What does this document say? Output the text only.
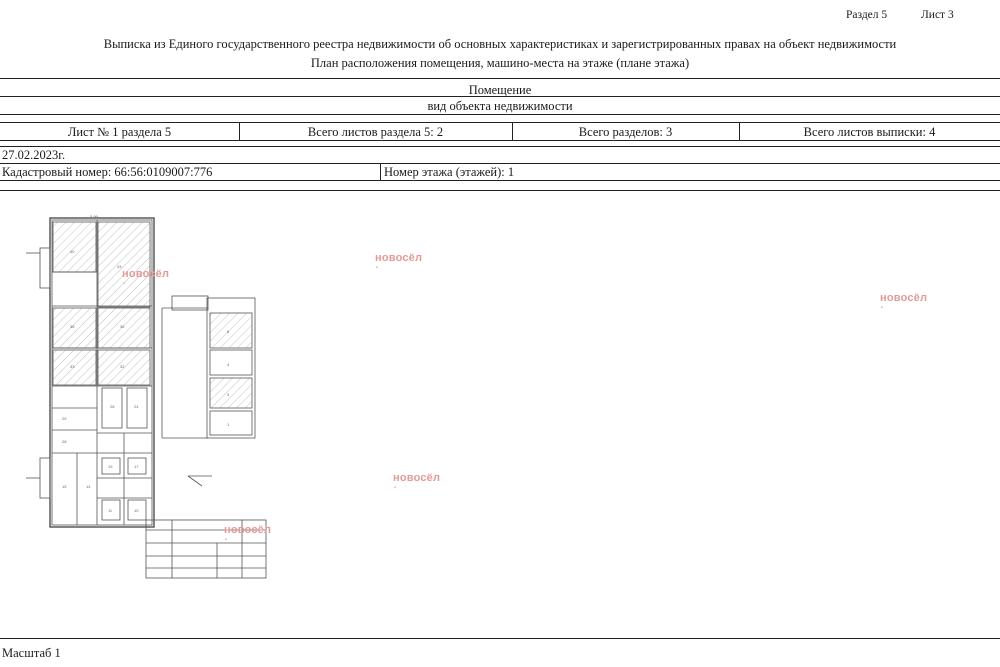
Раздел 5	Лист 3
Выписка из Единого государственного реестра недвижимости об основных характеристиках и зарегистрированных правах на объект недвижимости
План расположения помещения, машино-места на этаже (плане этажа)
Помещение
вид объекта недвижимости
Лист № 1 раздела 5	Всего листов раздела 5: 2	Всего разделов: 3	Всего листов выписки: 4
27.02.2023г.
Кадастровый номер: 66:56:0109007:776	Номер этажа (этажей): 1
5.99
43
40
36	35
33	32
26	24
29
28
19	17
15	14
11	10
6
4
3
1
новосёл
▲
новосёл
▲
новосёл
▲
новосёл
▲
новосёл
▲
Масштаб 1
